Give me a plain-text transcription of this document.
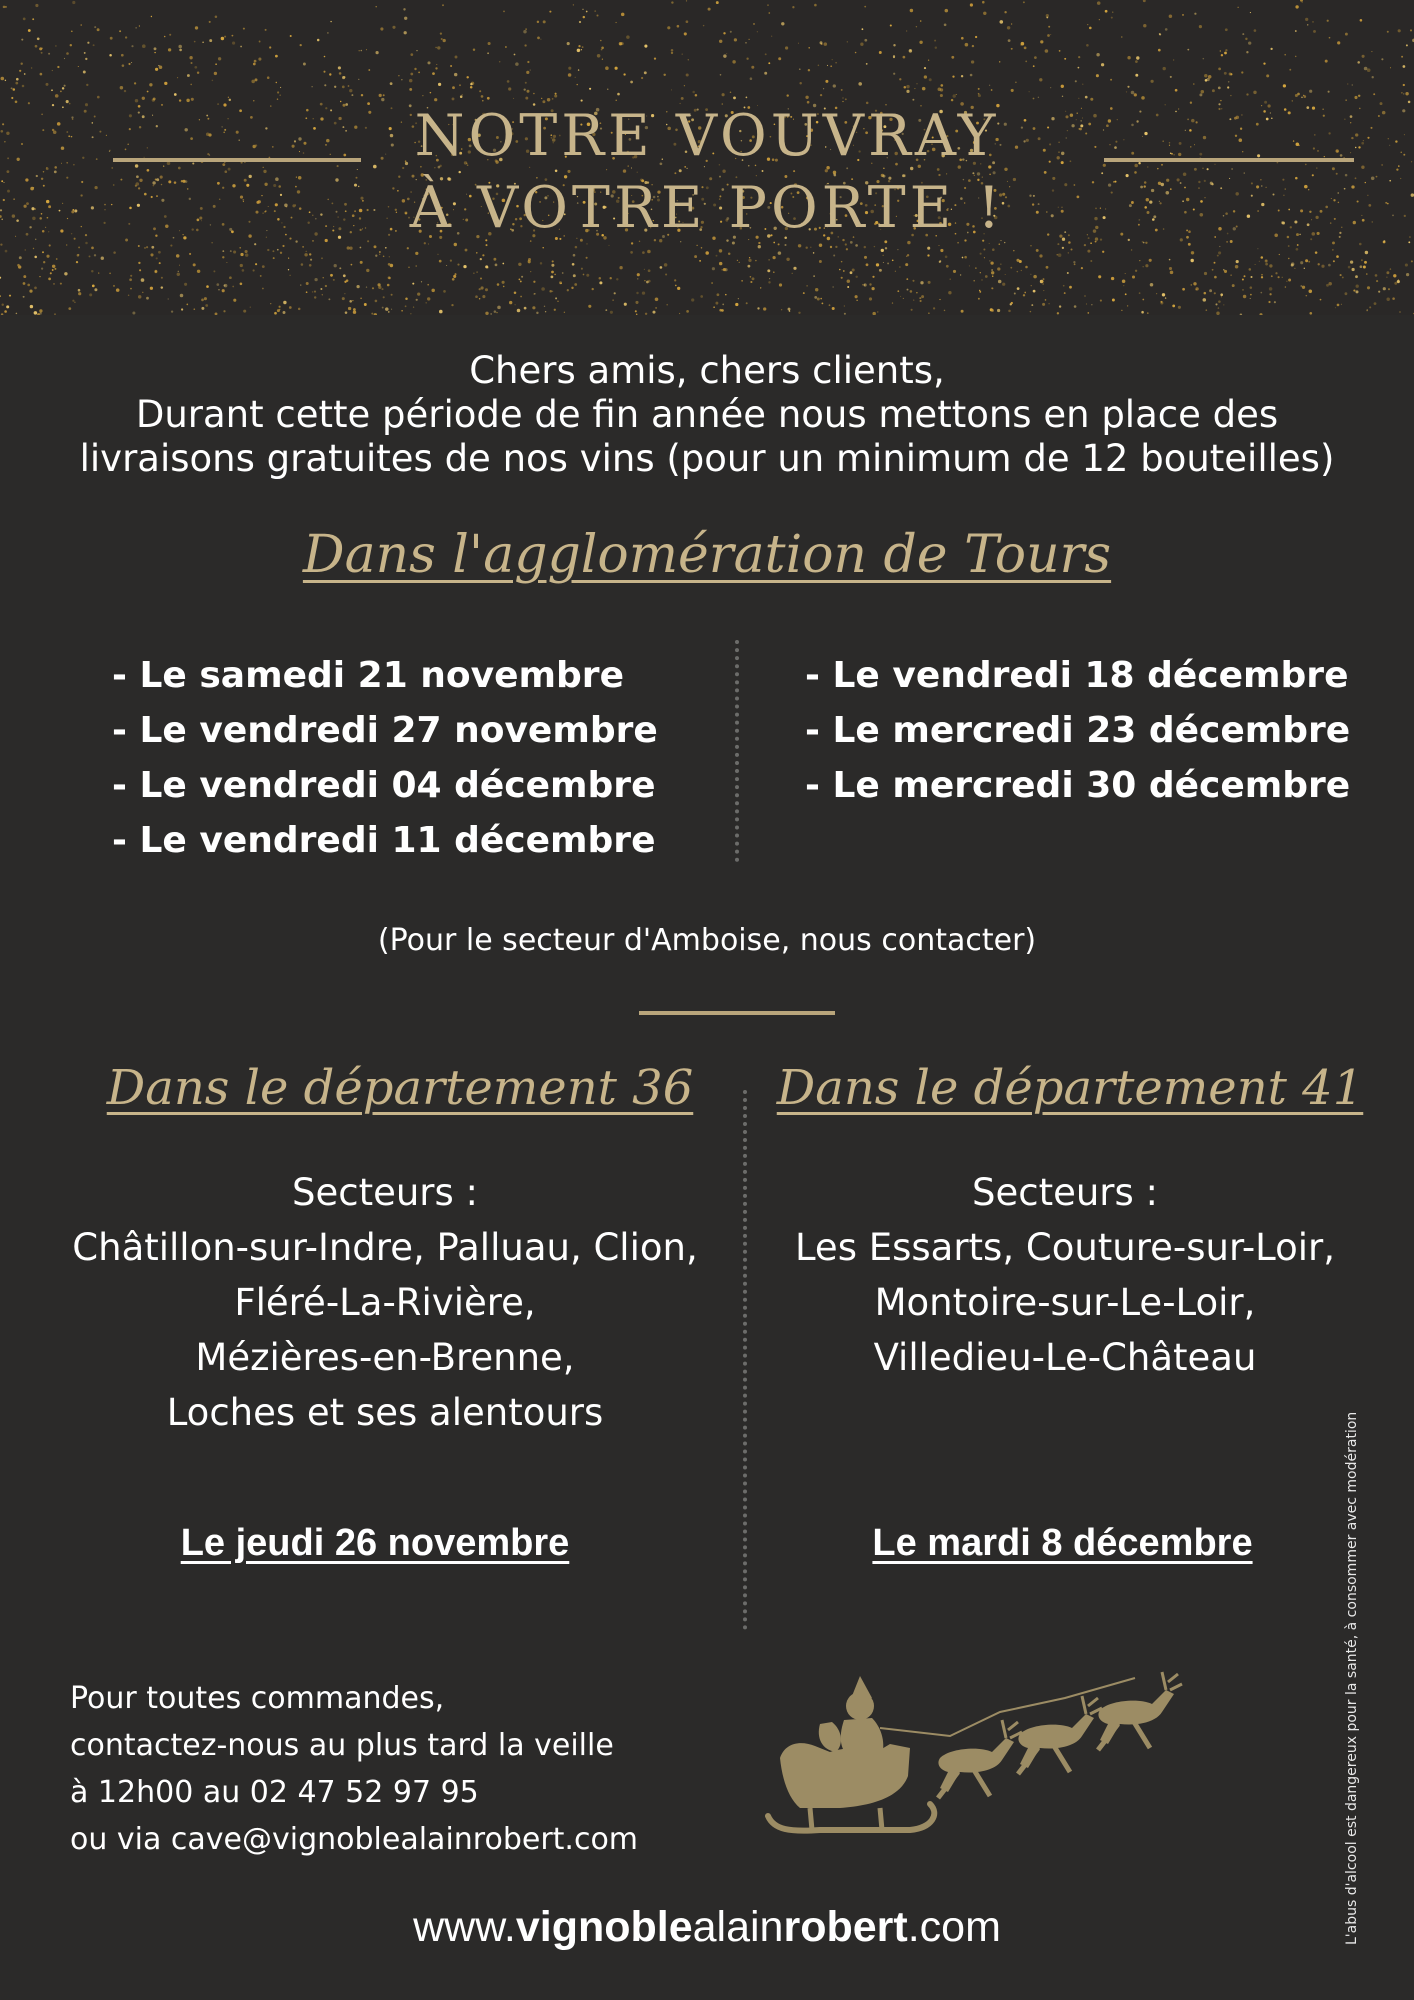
NOTRE VOUVRAY
À VOTRE PORTE !
Chers amis, chers clients,
Durant cette période de fin année nous mettons en place des
livraisons gratuites de nos vins (pour un minimum de 12 bouteilles)
Dans l'agglomération de Tours
- Le samedi 21 novembre
- Le vendredi 27 novembre
- Le vendredi 04 décembre
- Le vendredi 11 décembre
- Le vendredi 18 décembre
- Le mercredi 23 décembre
- Le mercredi 30 décembre
(Pour le secteur d'Amboise, nous contacter)
Dans le département 36
Secteurs :
Châtillon-sur-Indre, Palluau, Clion,
Fléré-La-Rivière,
Mézières-en-Brenne,
Loches et ses alentours
Le jeudi 26 novembre
Dans le département 41
Secteurs :
Les Essarts, Couture-sur-Loir,
Montoire-sur-Le-Loir,
Villedieu-Le-Château
Le mardi 8 décembre
Pour toutes commandes,
contactez-nous au plus tard la veille
à 12h00 au 02 47 52 97 95
ou via cave@vignoblealainrobert.com
www.vignoblealainrobert.com	L'abus d'alcool est dangereux pour la santé, à consommer avec modération
